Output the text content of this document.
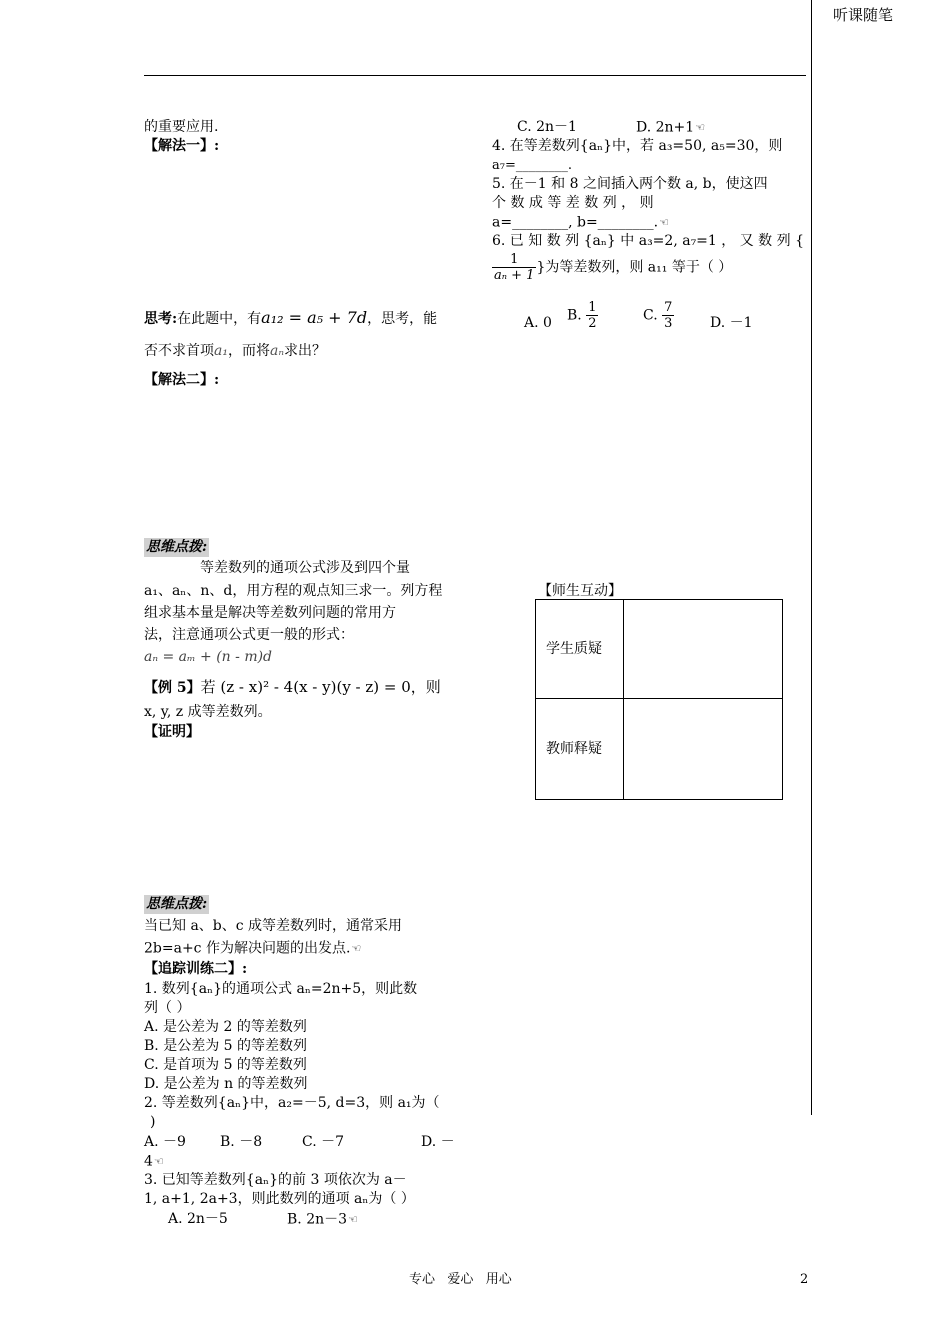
听课随笔
的重要应用.
【解法一】:
思考:在此题中，有a₁₂ = a₅ + 7d，思考，能
否不求首项a₁，而将aₙ求出？
【解法二】:
思维点拨:
等差数列的通项公式涉及到四个量
a₁、aₙ、n、d，用方程的观点知三求一。列方程
组求基本量是解决等差数列问题的常用方
法，注意通项公式更一般的形式：
aₙ = aₘ + (n - m)d
【例 5】若 (z - x)² - 4(x - y)(y - z) = 0，则
x, y, z 成等差数列。
【证明】
思维点拨:
当已知 a、b、c 成等差数列时，通常采用
2b=a+c 作为解决问题的出发点.☜
【追踪训练二】:
1. 数列{aₙ}的通项公式 aₙ=2n+5，则此数
列（ ）
A. 是公差为 2 的等差数列
B. 是公差为 5 的等差数列
C. 是首项为 5 的等差数列
D. 是公差为 n 的等差数列
2. 等差数列{aₙ}中，a₂=－5, d=3，则 a₁为（
)
A. －9 B. －8	C. －7	D. －
4☜
3. 已知等差数列{aₙ}的前 3 项依次为 a－
1, a+1, 2a+3，则此数列的通项 aₙ为（ ）
A. 2n－5	B. 2n－3☜
C. 2n－1	D. 2n+1☜
4. 在等差数列{aₙ}中，若 a₃=50, a₅=30，则
a₇=________.
5. 在－1 和 8 之间插入两个数 a, b，使这四
个 数 成 等 差 数 列 ， 则
a=________, b=________.☜
6. 已 知 数 列 {aₙ} 中 a₃=2, a₇=1 ， 又 数 列 {
$\frac{1}{\text{aₙ + 1}}$ }为等差数列，则 a₁₁ 等于（ ）
A. 0 B. $\frac{1}{2}$	C. $\frac{7}{3}$	D. －1
【师生互动】
学生质疑
教师释疑
专心   爱心   用心	2
